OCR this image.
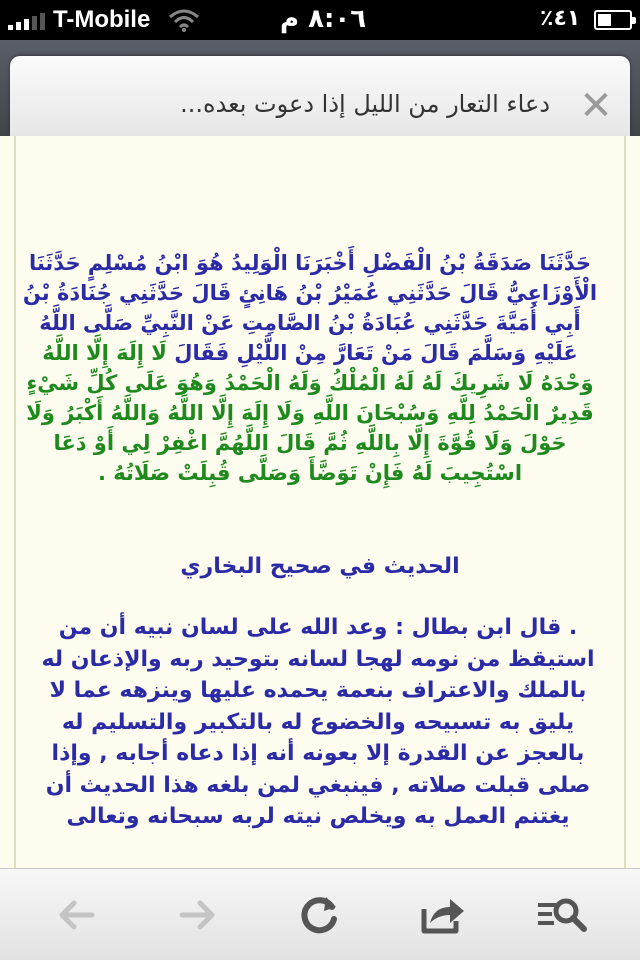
T-Mobile	٨:٠٦ م	٪٤١
دعاء التعار من الليل إذا دعوت بعده... ✕
حَدَّثَنَا صَدَقَةُ بْنُ الْفَضْلِ أَخْبَرَنَا الْوَلِيدُ هُوَ ابْنُ مُسْلِمٍ حَدَّثَنَا الْأَوْزَاعِيُّ قَالَ حَدَّثَنِي عُمَيْرُ بْنُ هَانِئٍ قَالَ حَدَّثَنِي جُنَادَةُ بْنُ أَبِي أُمَيَّةَ حَدَّثَنِي عُبَادَةُ بْنُ الصَّامِتِ عَنْ النَّبِيِّ صَلَّى اللَّهُ عَلَيْهِ وَسَلَّمَ قَالَ مَنْ تَعَارَّ مِنْ اللَّيْلِ فَقَالَ لَا إِلَهَ إِلَّا اللَّهُ وَحْدَهُ لَا شَرِيكَ لَهُ لَهُ الْمُلْكُ وَلَهُ الْحَمْدُ وَهُوَ عَلَى كُلِّ شَيْءٍ قَدِيرٌ الْحَمْدُ لِلَّهِ وَسُبْحَانَ اللَّهِ وَلَا إِلَهَ إِلَّا اللَّهُ وَاللَّهُ أَكْبَرُ وَلَا حَوْلَ وَلَا قُوَّةَ إِلَّا بِاللَّهِ ثُمَّ قَالَ اللَّهُمَّ اغْفِرْ لِي أَوْ دَعَا اسْتُجِيبَ لَهُ فَإِنْ تَوَضَّأَ وَصَلَّى قُبِلَتْ صَلَاتُهُ .
الحديث في صحيح البخاري
. قال ابن بطال : وعد الله على لسان نبيه أن من استيقظ من نومه لهجا لسانه بتوحيد ربه والإذعان له بالملك والاعتراف بنعمة يحمده عليها وينزهه عما لا يليق به تسبيحه والخضوع له بالتكبير والتسليم له بالعجز عن القدرة إلا بعونه أنه إذا دعاه أجابه , وإذا صلى قبلت صلاته , فينبغي لمن بلغه هذا الحديث أن يغتنم العمل به ويخلص نيته لربه سبحانه وتعالى
